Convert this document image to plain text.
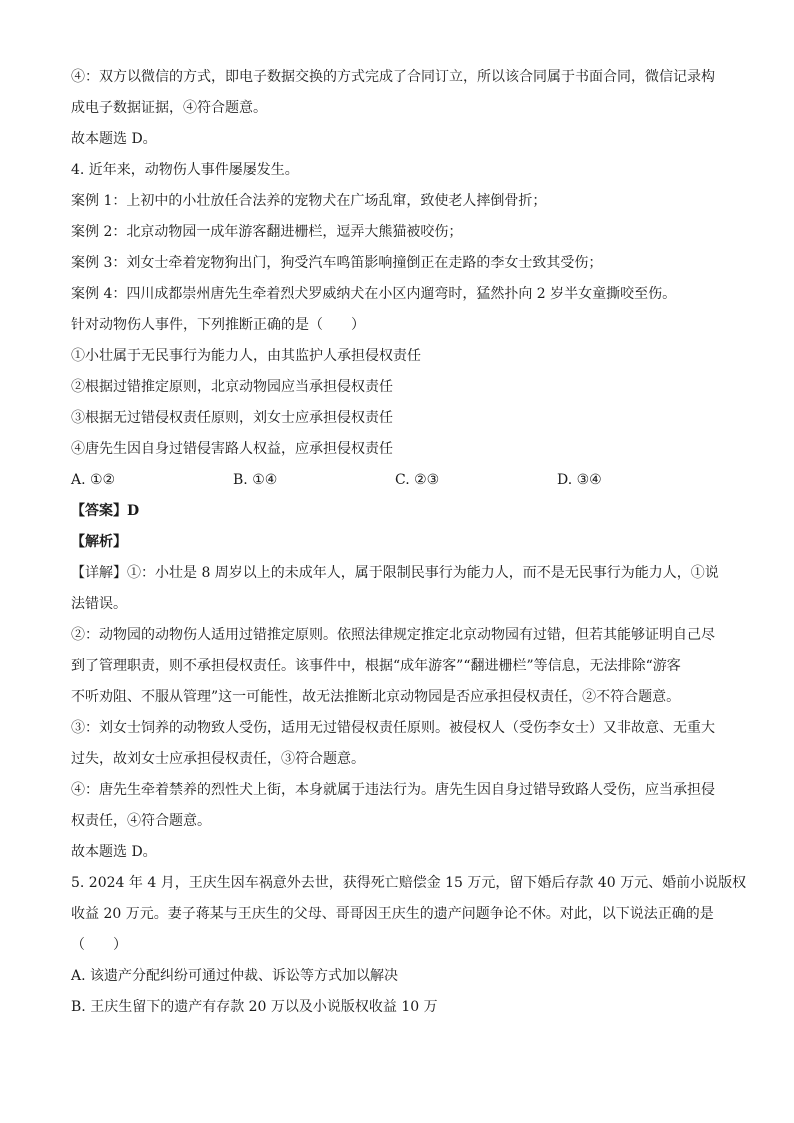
④：双方以微信的方式，即电子数据交换的方式完成了合同订立，所以该合同属于书面合同，微信记录构

成电子数据证据，④符合题意。

故本题选 D。

4. 近年来，动物伤人事件屡屡发生。

案例 1：上初中的小壮放任合法养的宠物犬在广场乱窜，致使老人摔倒骨折；

案例 2：北京动物园一成年游客翻进栅栏，逗弄大熊猫被咬伤；

案例 3：刘女士牵着宠物狗出门，狗受汽车鸣笛影响撞倒正在走路的李女士致其受伤；

案例 4：四川成都崇州唐先生牵着烈犬罗威纳犬在小区内遛弯时，猛然扑向 2 岁半女童撕咬至伤。

针对动物伤人事件，下列推断正确的是（　　）

①小壮属于无民事行为能力人，由其监护人承担侵权责任

②根据过错推定原则，北京动物园应当承担侵权责任

③根据无过错侵权责任原则，刘女士应承担侵权责任

④唐先生因自身过错侵害路人权益，应承担侵权责任

A. ①②	B. ①④	C. ②③	D. ③④

【答案】D

【解析】

【详解】①：小壮是 8 周岁以上的未成年人，属于限制民事行为能力人，而不是无民事行为能力人，①说

法错误。

②：动物园的动物伤人适用过错推定原则。依照法律规定推定北京动物园有过错，但若其能够证明自己尽

到了管理职责，则不承担侵权责任。该事件中，根据“成年游客”“翻进栅栏”等信息，无法排除“游客

不听劝阻、不服从管理”这一可能性，故无法推断北京动物园是否应承担侵权责任，②不符合题意。

③：刘女士饲养的动物致人受伤，适用无过错侵权责任原则。被侵权人（受伤李女士）又非故意、无重大

过失，故刘女士应承担侵权责任，③符合题意。

④：唐先生牵着禁养的烈性犬上街，本身就属于违法行为。唐先生因自身过错导致路人受伤，应当承担侵

权责任，④符合题意。

故本题选 D。

5. 2024 年 4 月，王庆生因车祸意外去世，获得死亡赔偿金 15 万元，留下婚后存款 40 万元、婚前小说版权

收益 20 万元。妻子蒋某与王庆生的父母、哥哥因王庆生的遗产问题争论不休。对此，以下说法正确的是

（　　）

A. 该遗产分配纠纷可通过仲裁、诉讼等方式加以解决

B. 王庆生留下的遗产有存款 20 万以及小说版权收益 10 万
